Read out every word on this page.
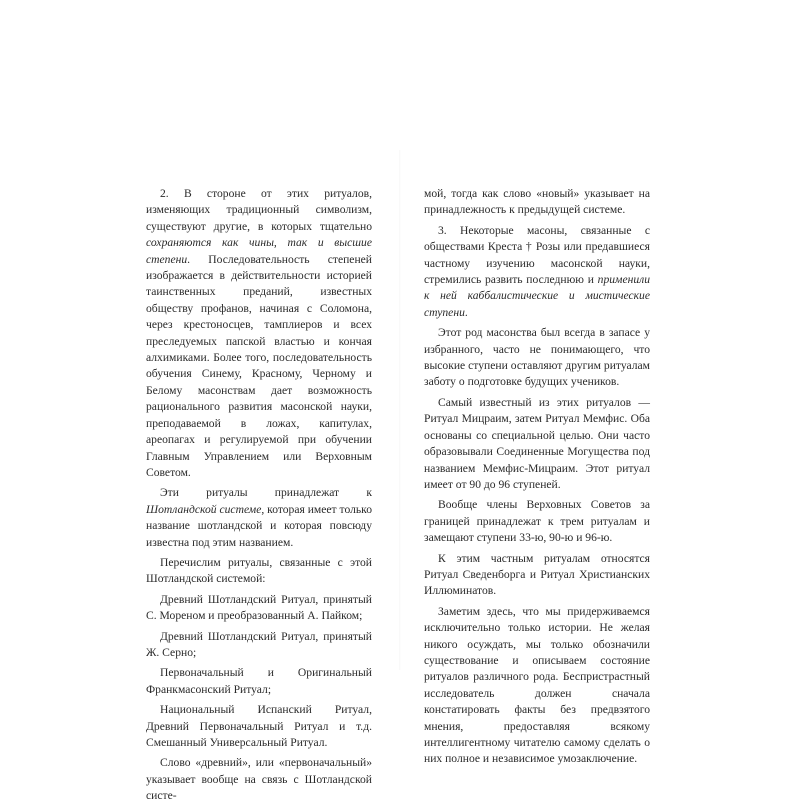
2. В стороне от этих ритуалов, изменяющих традиционный символизм, существуют другие, в которых тщательно сохраняются как чины, так и высшие степени. Последовательность степеней изображается в действительности историей таинственных преданий, известных обществу профанов, начиная с Соломона, через крестоносцев, тамплиеров и всех преследуемых папской властью и кончая алхимиками. Более того, последовательность обучения Синему, Красному, Черному и Белому масонствам дает возможность рационального развития масонской науки, преподаваемой в ложах, капитулах, ареопагах и регулируемой при обучении Главным Управлением или Верховным Советом.

Эти ритуалы принадлежат к Шотландской системе, которая имеет только название шотландской и которая повсюду известна под этим названием.

Перечислим ритуалы, связанные с этой Шотландской системой:

Древний Шотландский Ритуал, принятый С. Мореном и преобразованный А. Пайком;

Древний Шотландский Ритуал, принятый Ж. Серно;

Первоначальный и Оригинальный Франкмасонский Ритуал;

Национальный Испанский Ритуал, Древний Первоначальный Ритуал и т.д. Смешанный Универсальный Ритуал.

Слово «древний», или «первоначальный» указывает вообще на связь с Шотландской систе-

мой, тогда как слово «новый» указывает на принадлежность к предыдущей системе.

3. Некоторые масоны, связанные с обществами Креста † Розы или предавшиеся частному изучению масонской науки, стремились развить последнюю и применили к ней каббалистические и мистические ступени.

Этот род масонства был всегда в запасе у избранного, часто не понимающего, что высокие ступени оставляют другим ритуалам заботу о подготовке будущих учеников.

Самый известный из этих ритуалов — Ритуал Мицраим, затем Ритуал Мемфис. Оба основаны со специальной целью. Они часто образовывали Соединенные Могущества под названием Мемфис-Мицраим. Этот ритуал имеет от 90 до 96 ступеней.

Вообще члены Верховных Советов за границей принадлежат к трем ритуалам и замещают ступени 33-ю, 90-ю и 96-ю.

К этим частным ритуалам относятся Ритуал Сведенборга и Ритуал Христианских Иллюминатов.

Заметим здесь, что мы придерживаемся исключительно только истории. Не желая никого осуждать, мы только обозначили существование и описываем состояние ритуалов различного рода. Беспристрастный исследователь должен сначала констатировать факты без предвзятого мнения, предоставляя всякому интеллигентному читателю самому сделать о них полное и независимое умозаключение.
